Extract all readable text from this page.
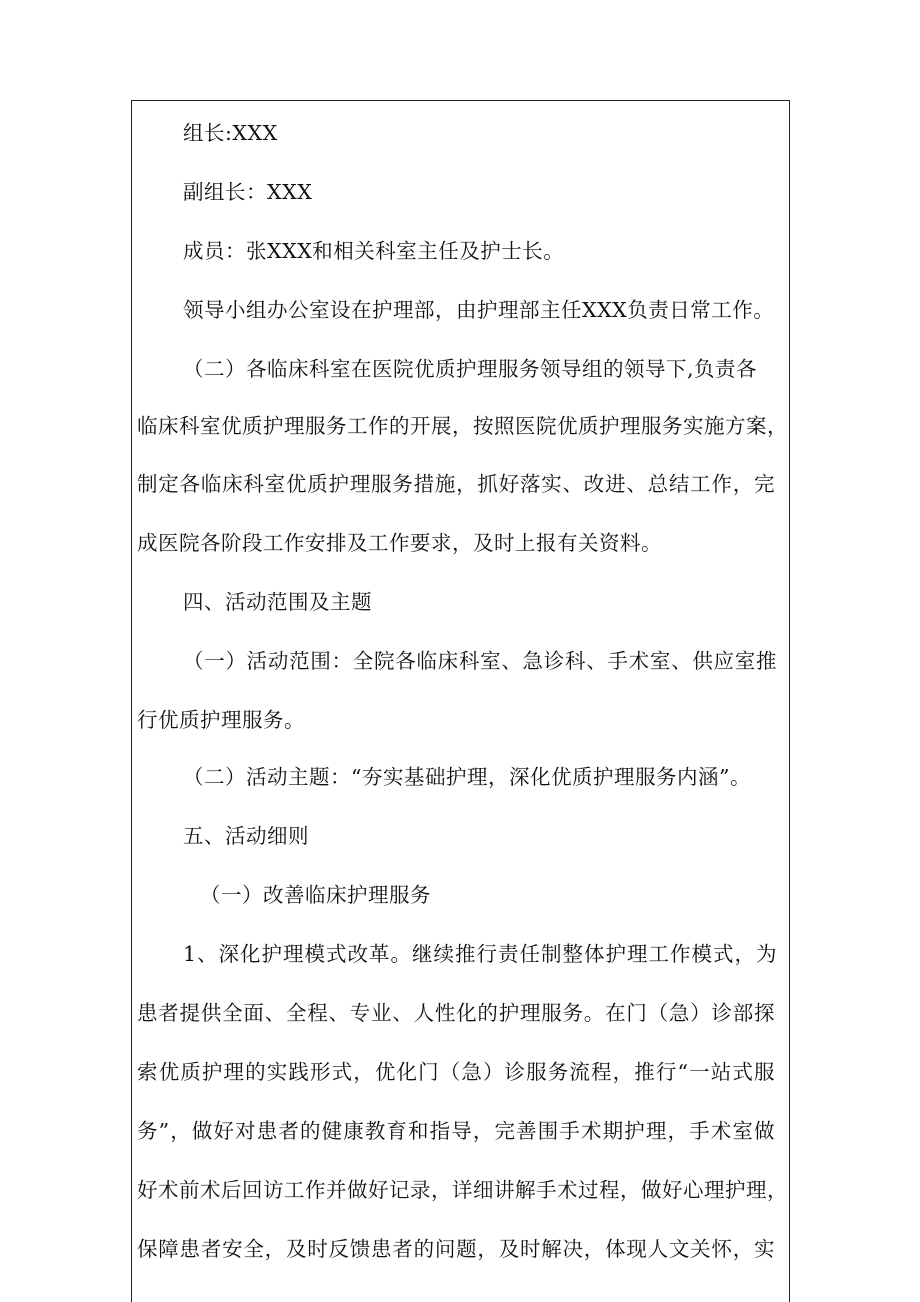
组长:XXX
副组长：XXX
成员：张XXX和相关科室主任及护士长。
领导小组办公室设在护理部，由护理部主任XXX负责日常工作。
（二）各临床科室在医院优质护理服务领导组的领导下,负责各
临床科室优质护理服务工作的开展，按照医院优质护理服务实施方案，
制定各临床科室优质护理服务措施，抓好落实、改进、总结工作，完
成医院各阶段工作安排及工作要求，及时上报有关资料。
四、活动范围及主题
（一）活动范围：全院各临床科室、急诊科、手术室、供应室推
行优质护理服务。
（二）活动主题：“夯实基础护理，深化优质护理服务内涵”。
五、活动细则
（一）改善临床护理服务
1、深化护理模式改革。继续推行责任制整体护理工作模式，为
患者提供全面、全程、专业、人性化的护理服务。在门（急）诊部探
索优质护理的实践形式，优化门（急）诊服务流程，推行“一站式服
务”，做好对患者的健康教育和指导，完善围手术期护理，手术室做
好术前术后回访工作并做好记录，详细讲解手术过程，做好心理护理，
保障患者安全，及时反馈患者的问题，及时解决，体现人文关怀，实
